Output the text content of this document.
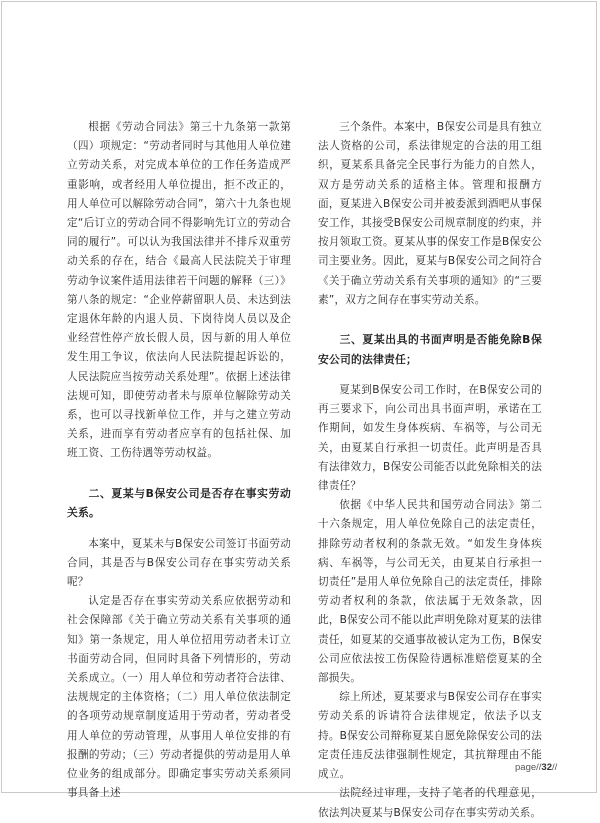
根据《劳动合同法》第三十九条第一款第（四）项规定：“劳动者同时与其他用人单位建立劳动关系，对完成本单位的工作任务造成严重影响，或者经用人单位提出，拒不改正的，用人单位可以解除劳动合同”，第六十九条也规定“后订立的劳动合同不得影响先订立的劳动合同的履行”。可以认为我国法律并不排斥双重劳动关系的存在，结合《最高人民法院关于审理劳动争议案件适用法律若干问题的解释（三）》第八条的规定：“企业停薪留职人员、未达到法定退休年龄的内退人员、下岗待岗人员以及企业经营性停产放长假人员，因与新的用人单位发生用工争议，依法向人民法院提起诉讼的，人民法院应当按劳动关系处理”。依据上述法律法规可知，即使劳动者未与原单位解除劳动关系，也可以寻找新单位工作，并与之建立劳动关系，进而享有劳动者应享有的包括社保、加班工资、工伤待遇等劳动权益。

二、夏某与B保安公司是否存在事实劳动关系。

本案中，夏某未与B保安公司签订书面劳动合同，其是否与B保安公司存在事实劳动关系呢？

认定是否存在事实劳动关系应依据劳动和社会保障部《关于确立劳动关系有关事项的通知》第一条规定，用人单位招用劳动者未订立书面劳动合同，但同时具备下列情形的，劳动关系成立。（一）用人单位和劳动者符合法律、法规规定的主体资格；（二）用人单位依法制定的各项劳动规章制度适用于劳动者，劳动者受用人单位的劳动管理，从事用人单位安排的有报酬的劳动；（三）劳动者提供的劳动是用人单位业务的组成部分。即确定事实劳动关系须同事具备上述

三个条件。本案中，B保安公司是具有独立法人资格的公司，系法律规定的合法的用工组织，夏某系具备完全民事行为能力的自然人，双方是劳动关系的适格主体。管理和报酬方面，夏某进入B保安公司并被委派到酒吧从事保安工作，其接受B保安公司规章制度的约束，并按月领取工资。夏某从事的保安工作是B保安公司主要业务。因此，夏某与B保安公司之间符合《关于确立劳动关系有关事项的通知》的“三要素”，双方之间存在事实劳动关系。

三、夏某出具的书面声明是否能免除B保安公司的法律责任；

夏某到B保安公司工作时，在B保安公司的再三要求下，向公司出具书面声明，承诺在工作期间，如发生身体疾病、车祸等，与公司无关，由夏某自行承担一切责任。此声明是否具有法律效力，B保安公司能否以此免除相关的法律责任？

依据《中华人民共和国劳动合同法》第二十六条规定，用人单位免除自己的法定责任，排除劳动者权利的条款无效。“如发生身体疾病、车祸等，与公司无关，由夏某自行承担一切责任”是用人单位免除自己的法定责任，排除劳动者权利的条款，依法属于无效条款，因此，B保安公司不能以此声明免除对夏某的法律责任，如夏某的交通事故被认定为工伤，B保安公司应依法按工伤保险待遇标准赔偿夏某的全部损失。

综上所述，夏某要求与B保安公司存在事实劳动关系的诉请符合法律规定，依法予以支持。B保安公司辩称夏某自愿免除保安公司的法定责任违反法律强制性规定，其抗辩理由不能成立。

法院经过审理，支持了笔者的代理意见，依法判决夏某与B保安公司存在事实劳动关系。

page//32//
